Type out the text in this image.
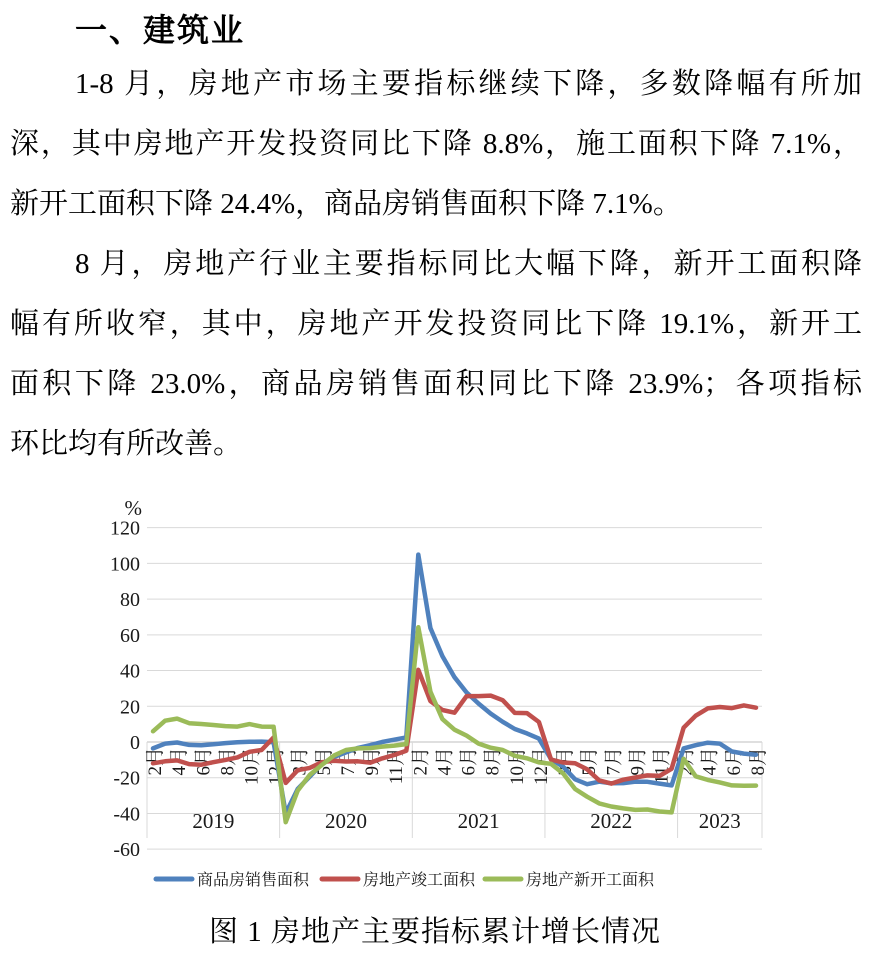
一、建筑业
1-8 月，房地产市场主要指标继续下降，多数降幅有所加
深，其中房地产开发投资同比下降 8.8%，施工面积下降 7.1%，
新开工面积下降 24.4%，商品房销售面积下降 7.1%。
8 月，房地产行业主要指标同比大幅下降，新开工面积降
幅有所收窄，其中，房地产开发投资同比下降 19.1%，新开工
面积下降 23.0%，商品房销售面积同比下降 23.9%；各项指标
环比均有所改善。
%
120
100
80
60
40
20
0
-20
-40
-60
2月 4月 6月 8月 10月 12月 3月 5月 7月 9月 11月 2月 4月 6月 8月 10月 12月 3月 5月 7月 9月 11月 2月 4月 6月 8月
2019	2020	2021	2022	2023
商品房销售面积	房地产竣工面积	房地产新开工面积
图 1 房地产主要指标累计增长情况
